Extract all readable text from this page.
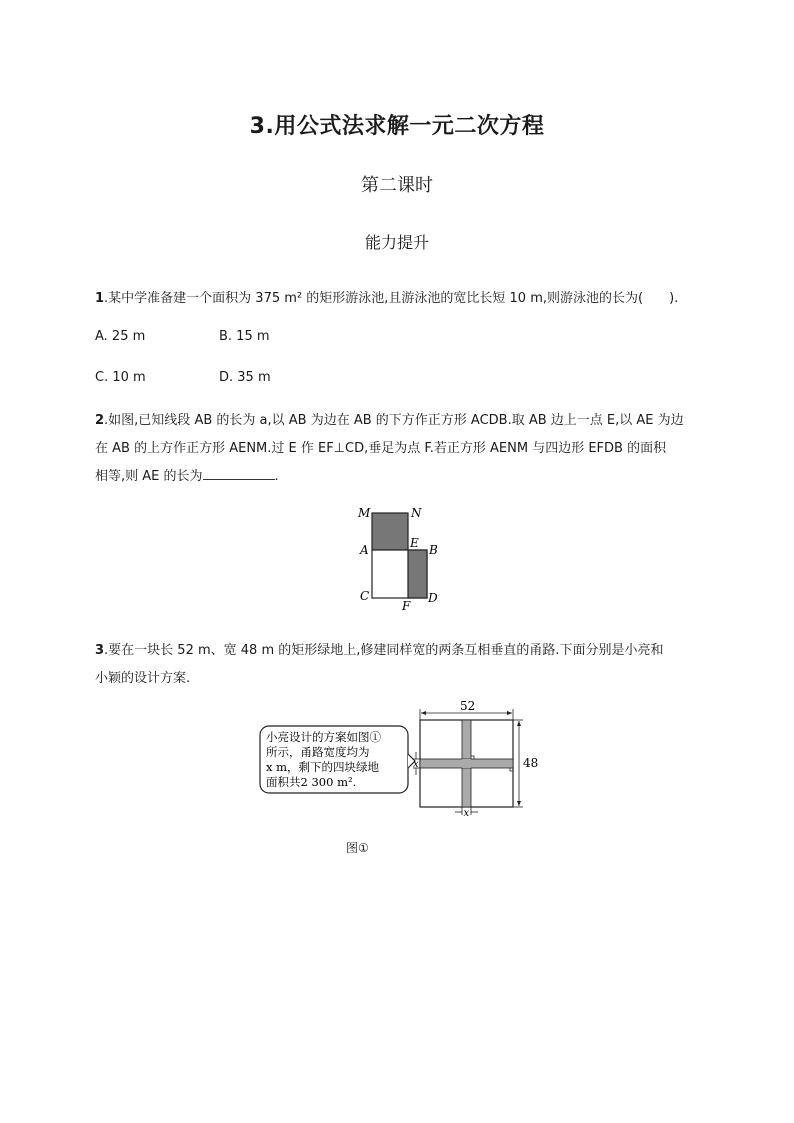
3.用公式法求解一元二次方程
第二课时
能力提升
1.某中学准备建一个面积为 375 m² 的矩形游泳池,且游泳池的宽比长短 10 m,则游泳池的长为(　　).
A. 25 m	B. 15 m
C. 10 m	D. 35 m
2.如图,已知线段 AB 的长为 a,以 AB 为边在 AB 的下方作正方形 ACDB.取 AB 边上一点 E,以 AE 为边
在 AB 的上方作正方形 AENM.过 E 作 EF⊥CD,垂足为点 F.若正方形 AENM 与四边形 EFDB 的面积
相等,则 AE 的长为	.
M	N
A	E B
C
F
D
3.要在一块长 52 m、宽 48 m 的矩形绿地上,修建同样宽的两条互相垂直的甬路.下面分别是小亮和
小颖的设计方案.
小亮设计的方案如图①
所示，甬路宽度均为
x m，剩下的四块绿地
面积共2 300 m².
52
48
x
x
图①
